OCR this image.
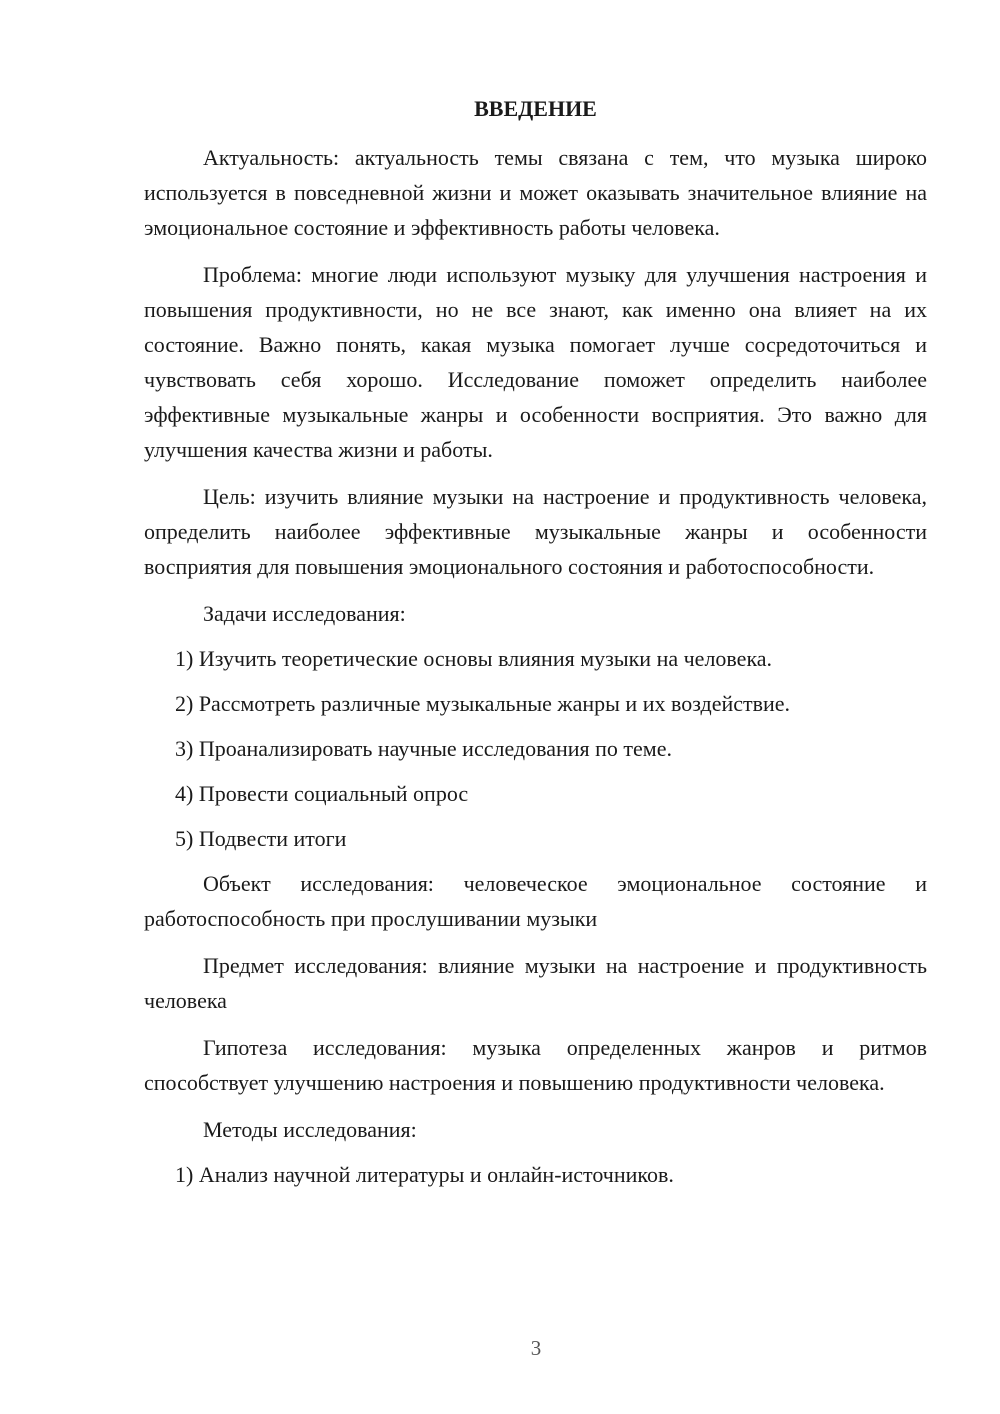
ВВЕДЕНИЕ

Актуальность: актуальность темы связана с тем, что музыка широко используется в повседневной жизни и может оказывать значительное влияние на эмоциональное состояние и эффективность работы человека.

Проблема: многие люди используют музыку для улучшения настроения и повышения продуктивности, но не все знают, как именно она влияет на их состояние. Важно понять, какая музыка помогает лучше сосредоточиться и чувствовать себя хорошо. Исследование поможет определить наиболее эффективные музыкальные жанры и особенности восприятия. Это важно для улучшения качества жизни и работы.

Цель: изучить влияние музыки на настроение и продуктивность человека, определить наиболее эффективные музыкальные жанры и особенности восприятия для повышения эмоционального состояния и работоспособности.

Задачи исследования:
1) Изучить теоретические основы влияния музыки на человека.
2) Рассмотреть различные музыкальные жанры и их воздействие.
3) Проанализировать научные исследования по теме.
4) Провести социальный опрос
5) Подвести итоги

Объект исследования: человеческое эмоциональное состояние и работоспособность при прослушивании музыки

Предмет исследования: влияние музыки на настроение и продуктивность человека

Гипотеза исследования: музыка определенных жанров и ритмов способствует улучшению настроения и повышению продуктивности человека.

Методы исследования:
1) Анализ научной литературы и онлайн-источников.
3
